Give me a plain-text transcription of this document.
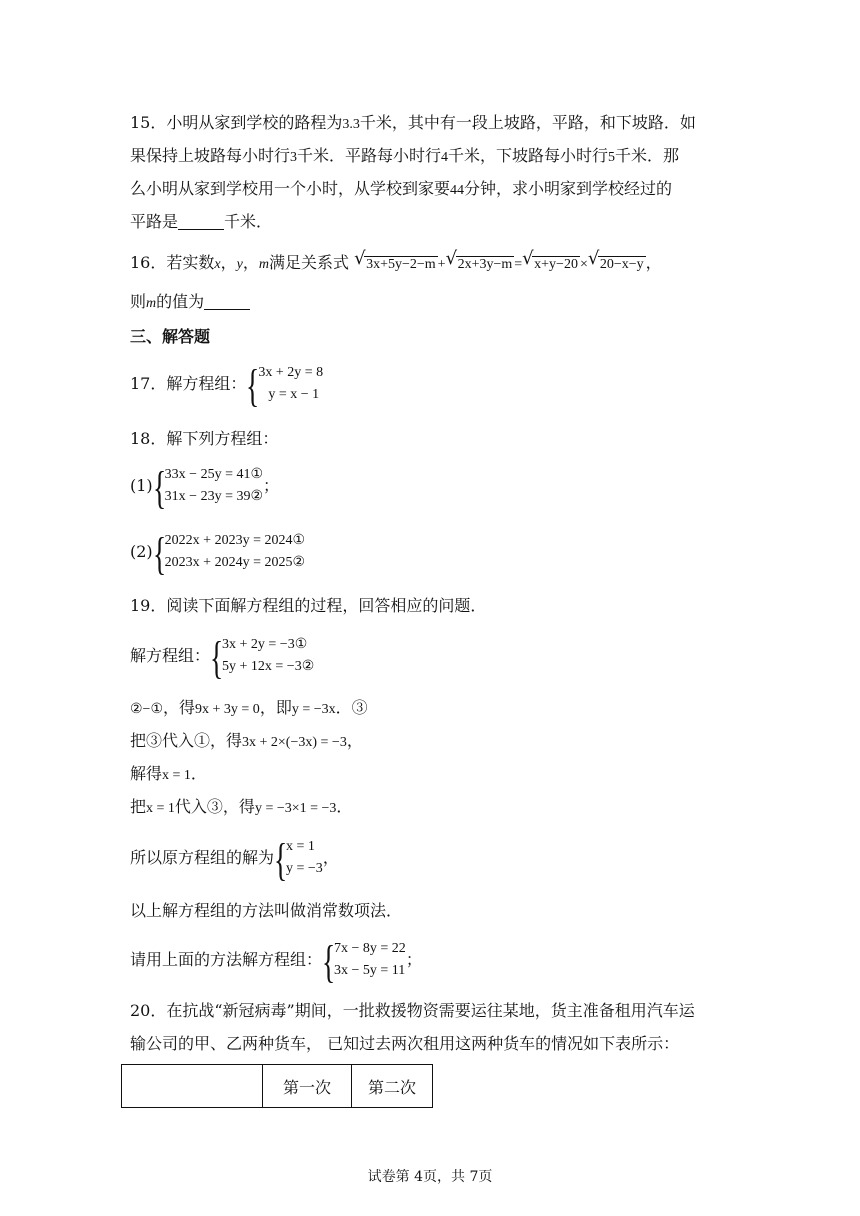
15．小明从家到学校的路程为3.3千米，其中有一段上坡路，平路，和下坡路．如
果保持上坡路每小时行3千米．平路每小时行4千米，下坡路每小时行5千米．那
么小明从家到学校用一个小时，从学校到家要44分钟，求小明家到学校经过的
平路是	千米．
16．若实数x，y，m满足关系式 √ 3x+5y−2−m + √ 2x+3y−m = √ x+y−20 × √ 20−x−y ，
则m的值为
三、解答题
17．解方程组： {
3x + 2y = 8
y = x − 1
18．解下列方程组：
(1) {
33x − 25y = 41①
31x − 23y = 39②
；
(2) {
2022x + 2023y = 2024①
2023x + 2024y = 2025②
19．阅读下面解方程组的过程，回答相应的问题．
解方程组： {
3x + 2y = −3①
5y + 12x = −3②
②−①，得9x + 3y = 0，即y = −3x．③
把③代入①，得3x + 2×(−3x) = −3，
解得x = 1．
把x = 1代入③，得y = −3×1 = −3．
所以原方程组的解为 {
x = 1
y = −3
，
以上解方程组的方法叫做消常数项法．
请用上面的方法解方程组： {
7x − 8y = 22
3x − 5y = 11
；
20．在抗战“新冠病毒”期间，一批救援物资需要运往某地，货主准备租用汽车运
输公司的甲、乙两种货车， 已知过去两次租用这两种货车的情况如下表所示：
	第一次	第二次
试卷第 4页，共 7页
